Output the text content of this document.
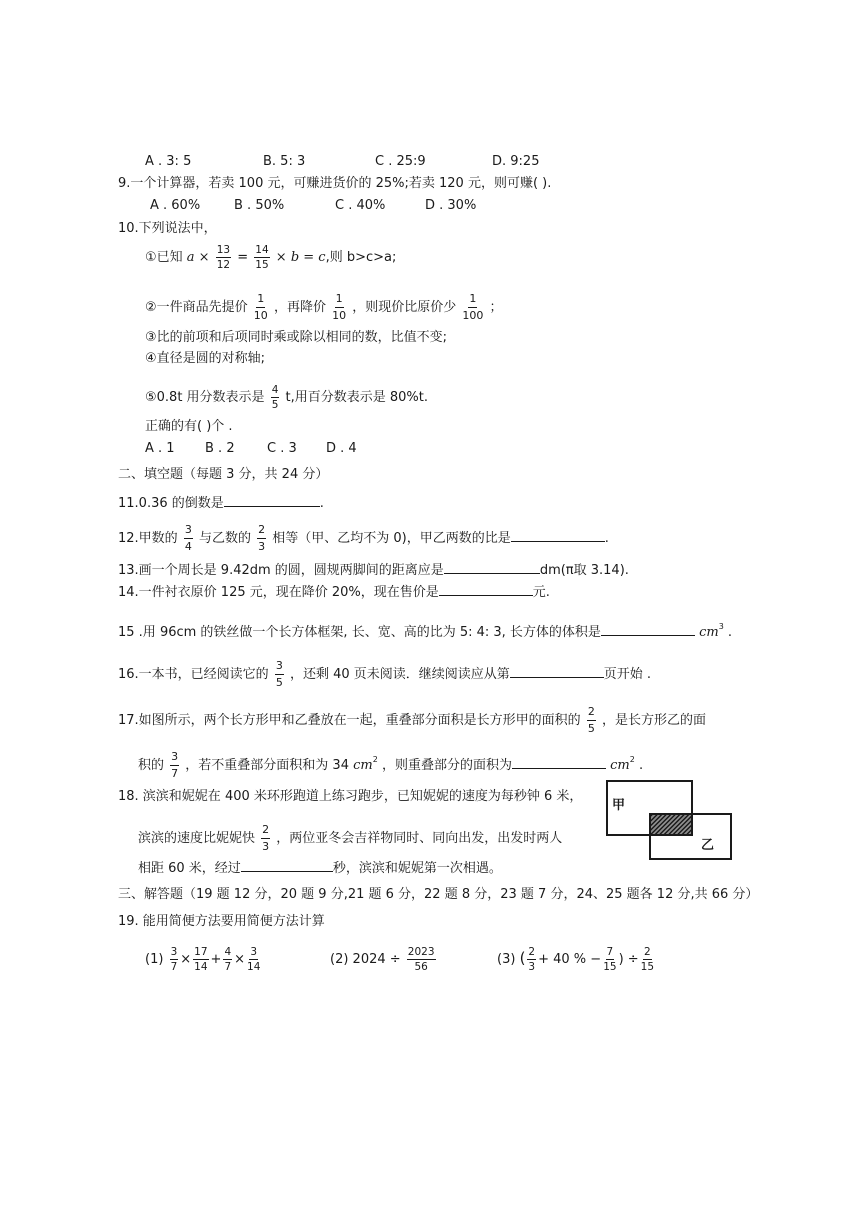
A . 3: 5	B. 5: 3	C . 25:9	D. 9:25
9.一个计算器，若卖 100 元，可赚进货价的 25%;若卖 120 元，则可赚( ).
A . 60%	B . 50%	C . 40%	D . 30%
10.下列说法中，
①已知 $a \times \frac{13}{12} = \frac{14}{15} \times b = c$,则 b>c>a;
②一件商品先提价 $\frac{1}{10}$ ，再降价 $\frac{1}{10}$ ，则现价比原价少 $\frac{1}{100}$ ；
③比的前项和后项同时乘或除以相同的数，比值不变;
④直径是圆的对称轴;
⑤0.8t 用分数表示是 $\frac{4}{5} t$,用百分数表示是 80%t.
正确的有( )个 .
A . 1 B . 2 C . 3 D . 4
二、填空题（每题 3 分，共 24 分）
11.0.36 的倒数是	.
12.甲数的 $\frac{3}{4}$ 与乙数的 $\frac{2}{3}$ 相等（甲、乙均不为 0)，甲乙两数的比是	.
13.画一个周长是 9.42dm 的圆，圆规两脚间的距离应是	dm(π取 3.14).
14.一件衬衣原价 125 元，现在降价 20%，现在售价是	元.
15 .用 96cm 的铁丝做一个长方体框架, 长、宽、高的比为 5: 4: 3, 长方体的体积是	$cm^3$ .
16.一本书，已经阅读它的 $\frac{3}{5}$ ，还剩 40 页未阅读．继续阅读应从第	页开始 .
17.如图所示，两个长方形甲和乙叠放在一起，重叠部分面积是长方形甲的面积的 $\frac{2}{5}$ ，是长方形乙的面
积的 $\frac{3}{7}$ ，若不重叠部分面积和为 34 $cm^2$ ，则重叠部分的面积为	$cm^2$ .
18. 滨滨和妮妮在 400 米环形跑道上练习跑步，已知妮妮的速度为每秒钟 6 米，
滨滨的速度比妮妮快 $\frac{2}{3}$ ，两位亚冬会吉祥物同时、同向出发，出发时两人
相距 60 米，经过	秒，滨滨和妮妮第一次相遇。
甲
乙
三、解答题（19 题 12 分，20 题 9 分,21 题 6 分，22 题 8 分，23 题 7 分，24、25 题各 12 分,共 66 分）
19. 能用简便方法要用简便方法计算
$(1) \frac{3}{7} \times \frac{17}{14} + \frac{4}{7} \times \frac{3}{14}$	(2) $2024 \div \frac{2023}{56}$	(3) ( $\frac{2}{3} + 40$ % − $\frac{7}{15}$ ) ÷ $\frac{2}{15}$
